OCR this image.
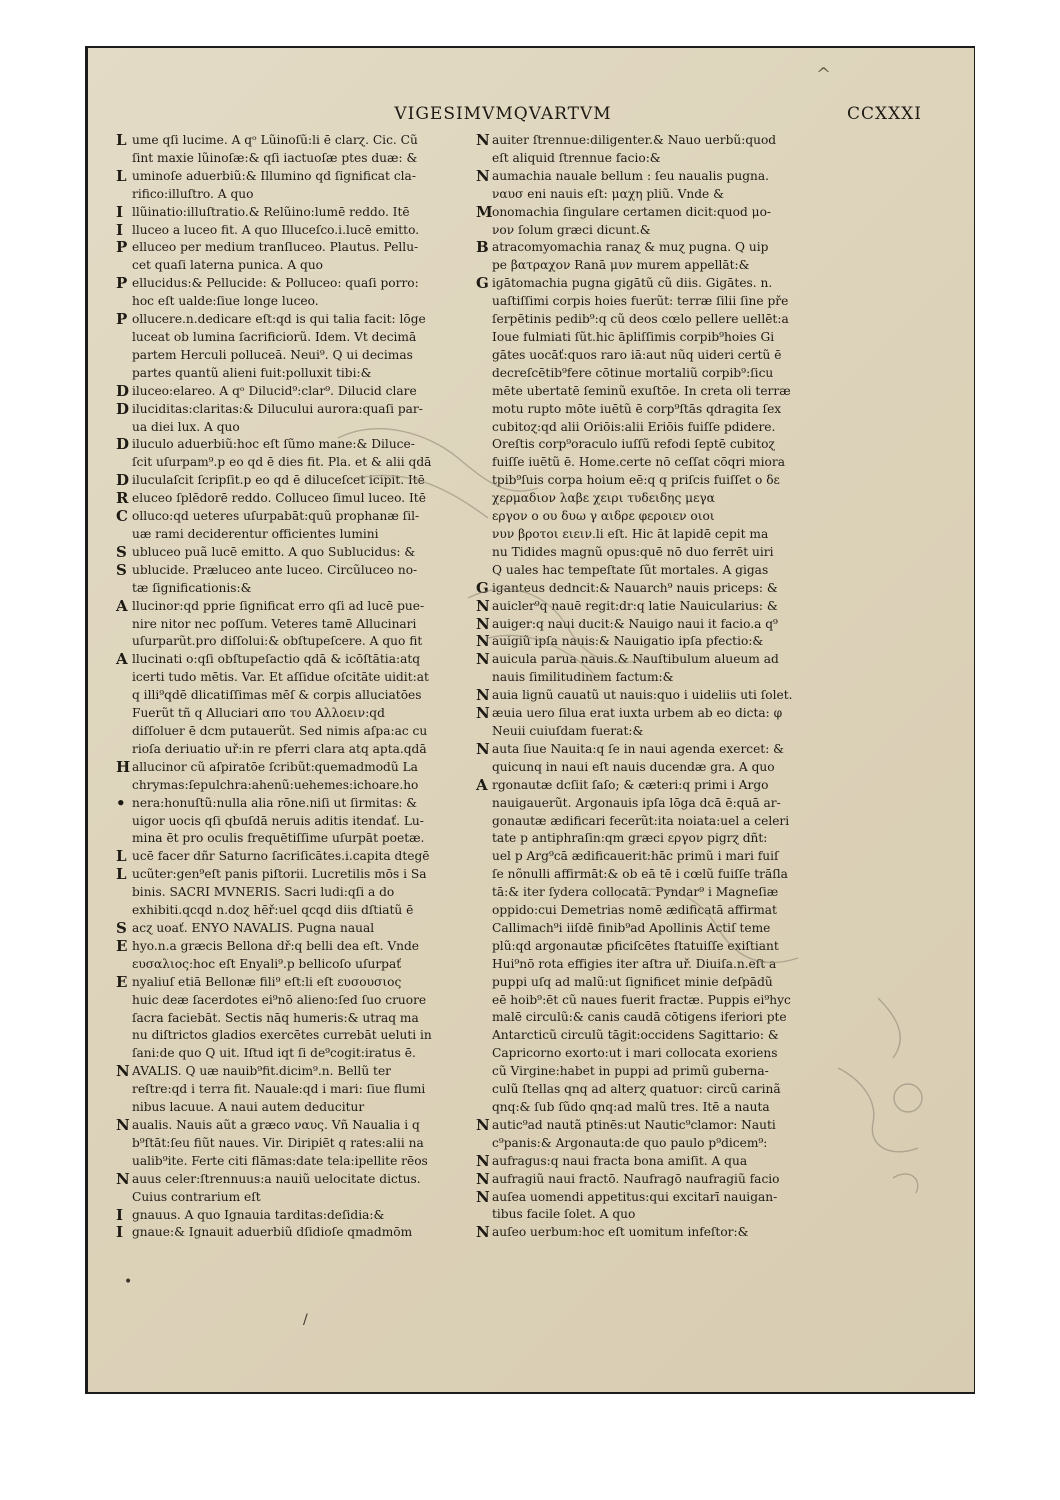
^
VIGESIMVMQVARTVM	CCXXXI
L ume qſi lucime. A qᵒ Lũinoſũ:li ē clarɀ. Cic. Cũ
ſint maxie lũinoſæ:& qſi iactuoſæ ptes duæ: &
L uminoſe aduerbiũ:& Illumino qd ſignificat cla-
rifico:illuſtro. A quo
I llũinatio:illuſtratio.& Relũino:lumē reddo. Itē
I lluceo a luceo fit. A quo Illuceſco.i.lucē emitto.
P elluceo per medium tranſluceo. Plautus. Pellu-
cet quaſi laterna punica. A quo
P ellucidus:& Pellucide: & Polluceo: quaſi porro:
hoc eſt ualde:ſiue longe luceo.
P ollucere.n.dedicare eſt:qd is qui talia facit: lōge
luceat ob lumina ſacrificiorũ. Idem. Vt decimā
partem Herculi polluceā. Neui⁹. Q ui decimas
partes quantũ alieni fuit:polluxit tibi:&
D iluceo:elareo. A qᵒ Dilucid⁹:clar⁹. Dilucid clare
D iluciditas:claritas:& Dilucului aurora:quaſi par-
ua diei lux. A quo
D iluculo aduerbiũ:hoc eſt ſũmo mane:& Diluce-
ſcit uſurpam⁹.p eo qd ē dies fit. Pla. et & alii qdā
D iluculaſcit ſcripſit.p eo qd ē diluceſcet icipit. Itē
R eluceo ſplēdorē reddo. Colluceo ſimul luceo. Itē
C olluco:qd ueteres uſurpabāt:quũ prophanæ ſil-
uæ rami deciderentur officientes lumini
S ubluceo puã lucē emitto. A quo Sublucidus: &
S ublucide. Præluceo ante luceo. Circũluceo no-
tæ ſignificationis:&
A llucinor:qd pprie ſignificat erro qſi ad lucē pue-
nire nitor nec poſſum. Veteres tamē Allucinari
uſurparũt.pro diſſolui:& obſtupeſcere. A quo fit
A llucinati o:qſi obſtupeſactio qdā & icōſtātia:atq
icerti tudo mētis. Var. Et aſſidue oſcitāte uidit:at
q illi⁹qdē dlicatiſſimas mēſ & corpis alluciatōes
Fuerũt tñ q Alluciari απο του Αλλοειν:qd
diſſoluer ē dcm putauerũt. Sed nimis aſpa:ac cu
rioſa deriuatio uř:in re pferri clara atq apta.qdā
H allucinor cũ aſpiratōe ſcribũt:quemadmodũ La
chrymas:ſepulchra:ahenũ:uehemes:ichoare.ho
• nera:honuſtũ:nulla alia rōne.niſi ut ſirmitas: &
uigor uocis qſi qbuſdā neruis aditis itendať. Lu-
mina ēt pro oculis frequētiſſime uſurpāt poetæ.
L ucē facer dñr Saturno ſacriſicātes.i.capita dtegē
L ucũter:gen⁹eſt panis piſtorii. Lucretilis mōs i Sa
binis. SACRI MVNERIS. Sacri ludi:qſi a do
exhibiti.qcqd n.doɀ hēř:uel qcqd diis dſtiatũ ē
S acɀ uoať. ENYO NAVALIS. Pugna naual
E hyo.n.a græcis Bellona dř:q belli dea eſt. Vnde
ευσαλιος:hoc eſt Enyali⁹.p bellicoſo uſurpať
E nyaliuſ etiā Bellonæ fili⁹ eſt:li eſt ευσουσιος
huic deæ ſacerdotes ei⁹nō alieno:ſed ſuo cruore
ſacra faciebāt. Sectis nāq humeris:& utraq ma
nu diſtrictos gladios exercētes currebāt ueluti in
ſani:de quo Q uit. Iſtud iqt ſi de⁹cogit:iratus ē.
N AVALIS. Q uæ nauib⁹fit.dicim⁹.n. Bellũ ter
reſtre:qd i terra fit. Nauale:qd i mari: ſiue flumi
nibus lacuue. A naui autem deducitur
N aualis. Nauis aũt a græco ναυς. Vñ Naualia i q
b⁹ſtāt:ſeu fiũt naues. Vir. Diripiēt q rates:alii na
ualib⁹ite. Ferte citi flāmas:date tela:ipellite rēos
N auus celer:ſtrennuus:a nauiũ uelocitate dictus.
Cuius contrarium eſt
I gnauus. A quo Ignauia tarditas:deſidia:&
I gnaue:& Ignauit aduerbiũ dſidioſe qmadmōm
N auiter ſtrennue:diligenter.& Nauo uerbũ:quod
eſt aliquid ſtrennue facio:&
N aumachia nauale bellum : ſeu naualis pugna.
ναυσ eni nauis eſt: μαχη pliũ. Vnde &
M onomachia ſingulare certamen dicit:quod μο-
νον ſolum græci dicunt.&
B atracomyomachia ranaɀ & muɀ pugna. Q uip
pe βατραχον Ranā μυν murem appellāt:&
G igātomachia pugna gigātũ cũ diis. Gigātes. n.
uaſtiſſimi corpis hoies fuerũt: terræ ſilii ſine pře
ſerpētinis pedib⁹:q cũ deos cœlo pellere uellēt:a
Ioue fulmiati ſũt.hic āpliſſimis corpib⁹hoies Gi
gātes uocāť:quos raro iā:aut nũq uideri certũ ē
decreſcētib⁹fere cōtinue mortaliũ corpib⁹:ſicu
mēte ubertatē ſeminũ exuſtōe. In creta oli terræ
motu rupto mōte iuētũ ē corp⁹ſtās qdragita ſex
cubitoɀ:qd alii Oriōis:alii Eriōis fuiſſe pdidere.
Oreſtis corp⁹oraculo iuſſũ refodi ſeptē cubitoɀ
fuiſſe iuētũ ē. Home.certe nō ceſſat cōqri miora
tpib⁹ſuis corpa hoium eē:q q priſcis fuiſſet ο δε
χερμαδιον λαβε χειρι τυδειδης μεγα
εργον ο ου δυω γ αιδρε φεροιεν οιοι
νυν βροτοι ειειν.li eſt. Hic āt lapidē cepit ma
nu Tidides magnũ opus:quē nō duo ferrēt uiri
Q uales hac tempeſtate ſũt mortales. A gigas
G iganteus dedncit:& Nauarch⁹ nauis priceps: &
N auicler⁹q nauē regit:dr:q latie Nauicularius: &
N auiger:q naui ducit:& Nauigo naui it facio.a q⁹
N auigiũ ipſa nauis:& Nauigatio ipſa pfectio:&
N auicula parua nauis.& Nauſtibulum alueum ad
nauis ſimilitudinem factum:&
N auia lignũ cauatũ ut nauis:quo i uideliis uti ſolet.
N æuia uero ſilua erat iuxta urbem ab eo dicta: φ
Neuii cuiuſdam fuerat:&
N auta ſiue Nauita:q ſe in naui agenda exercet: &
quicunq in naui eſt nauis ducendæ gra. A quo
A rgonautæ dcſiit ſaſo; & cæteri:q primi i Argo
nauigauerũt. Argonauis ipſa lōga dcā ē:quā ar-
gonautæ ædificari fecerũt:ita noiata:uel a celeri
tate p antiphraſin:qm græci εργον pigrɀ dñt:
uel p Arg⁹cā ædificauerit:hāc primũ i mari fuiſ
ſe nõnulli affirmāt:& ob eā tē i cœlũ fuiſſe trāſla
tā:& iter ſydera collocatā. Pyndar⁹ i Magneſiæ
oppido:cui Demetrias nomē ædificatā affirmat
Callimach⁹i iiſdē finib⁹ad Apollinis Actiſ teme
plũ:qd argonautæ pficiſcētes ſtatuiſſe exiſtiant
Hui⁹nō rota effigies iter aſtra uř. Diuiſa.n.eſt a
puppi uſq ad malũ:ut ſignificet minie deſpādũ
eē hoib⁹:ēt cũ naues fuerit fractæ. Puppis ei⁹hyc
malē circulũ:& canis caudā cōtigens iferiori pte
Antarcticũ circulũ tāgit:occidens Sagittario: &
Capricorno exorto:ut i mari collocata exoriens
cũ Virgine:habet in puppi ad primũ guberna-
culũ ſtellas qnq ad alterɀ quatuor: circũ carinã
qnq:& ſub ſũdo qnq:ad malũ tres. Itē a nauta
N autic⁹ad nautã ptinēs:ut Nautic⁹clamor: Nauti
c⁹panis:& Argonauta:de quo paulo p⁹dicem⁹:
N aufragus:q naui fracta bona amiſit. A qua
N aufragiũ naui fractō. Naufragō naufragiũ facio
N auſea uomendi appetitus:qui excitarī nauigan-
tibus facile ſolet. A quo
N auſeo uerbum:hoc eſt uomitum infeſtor:&
•
/
